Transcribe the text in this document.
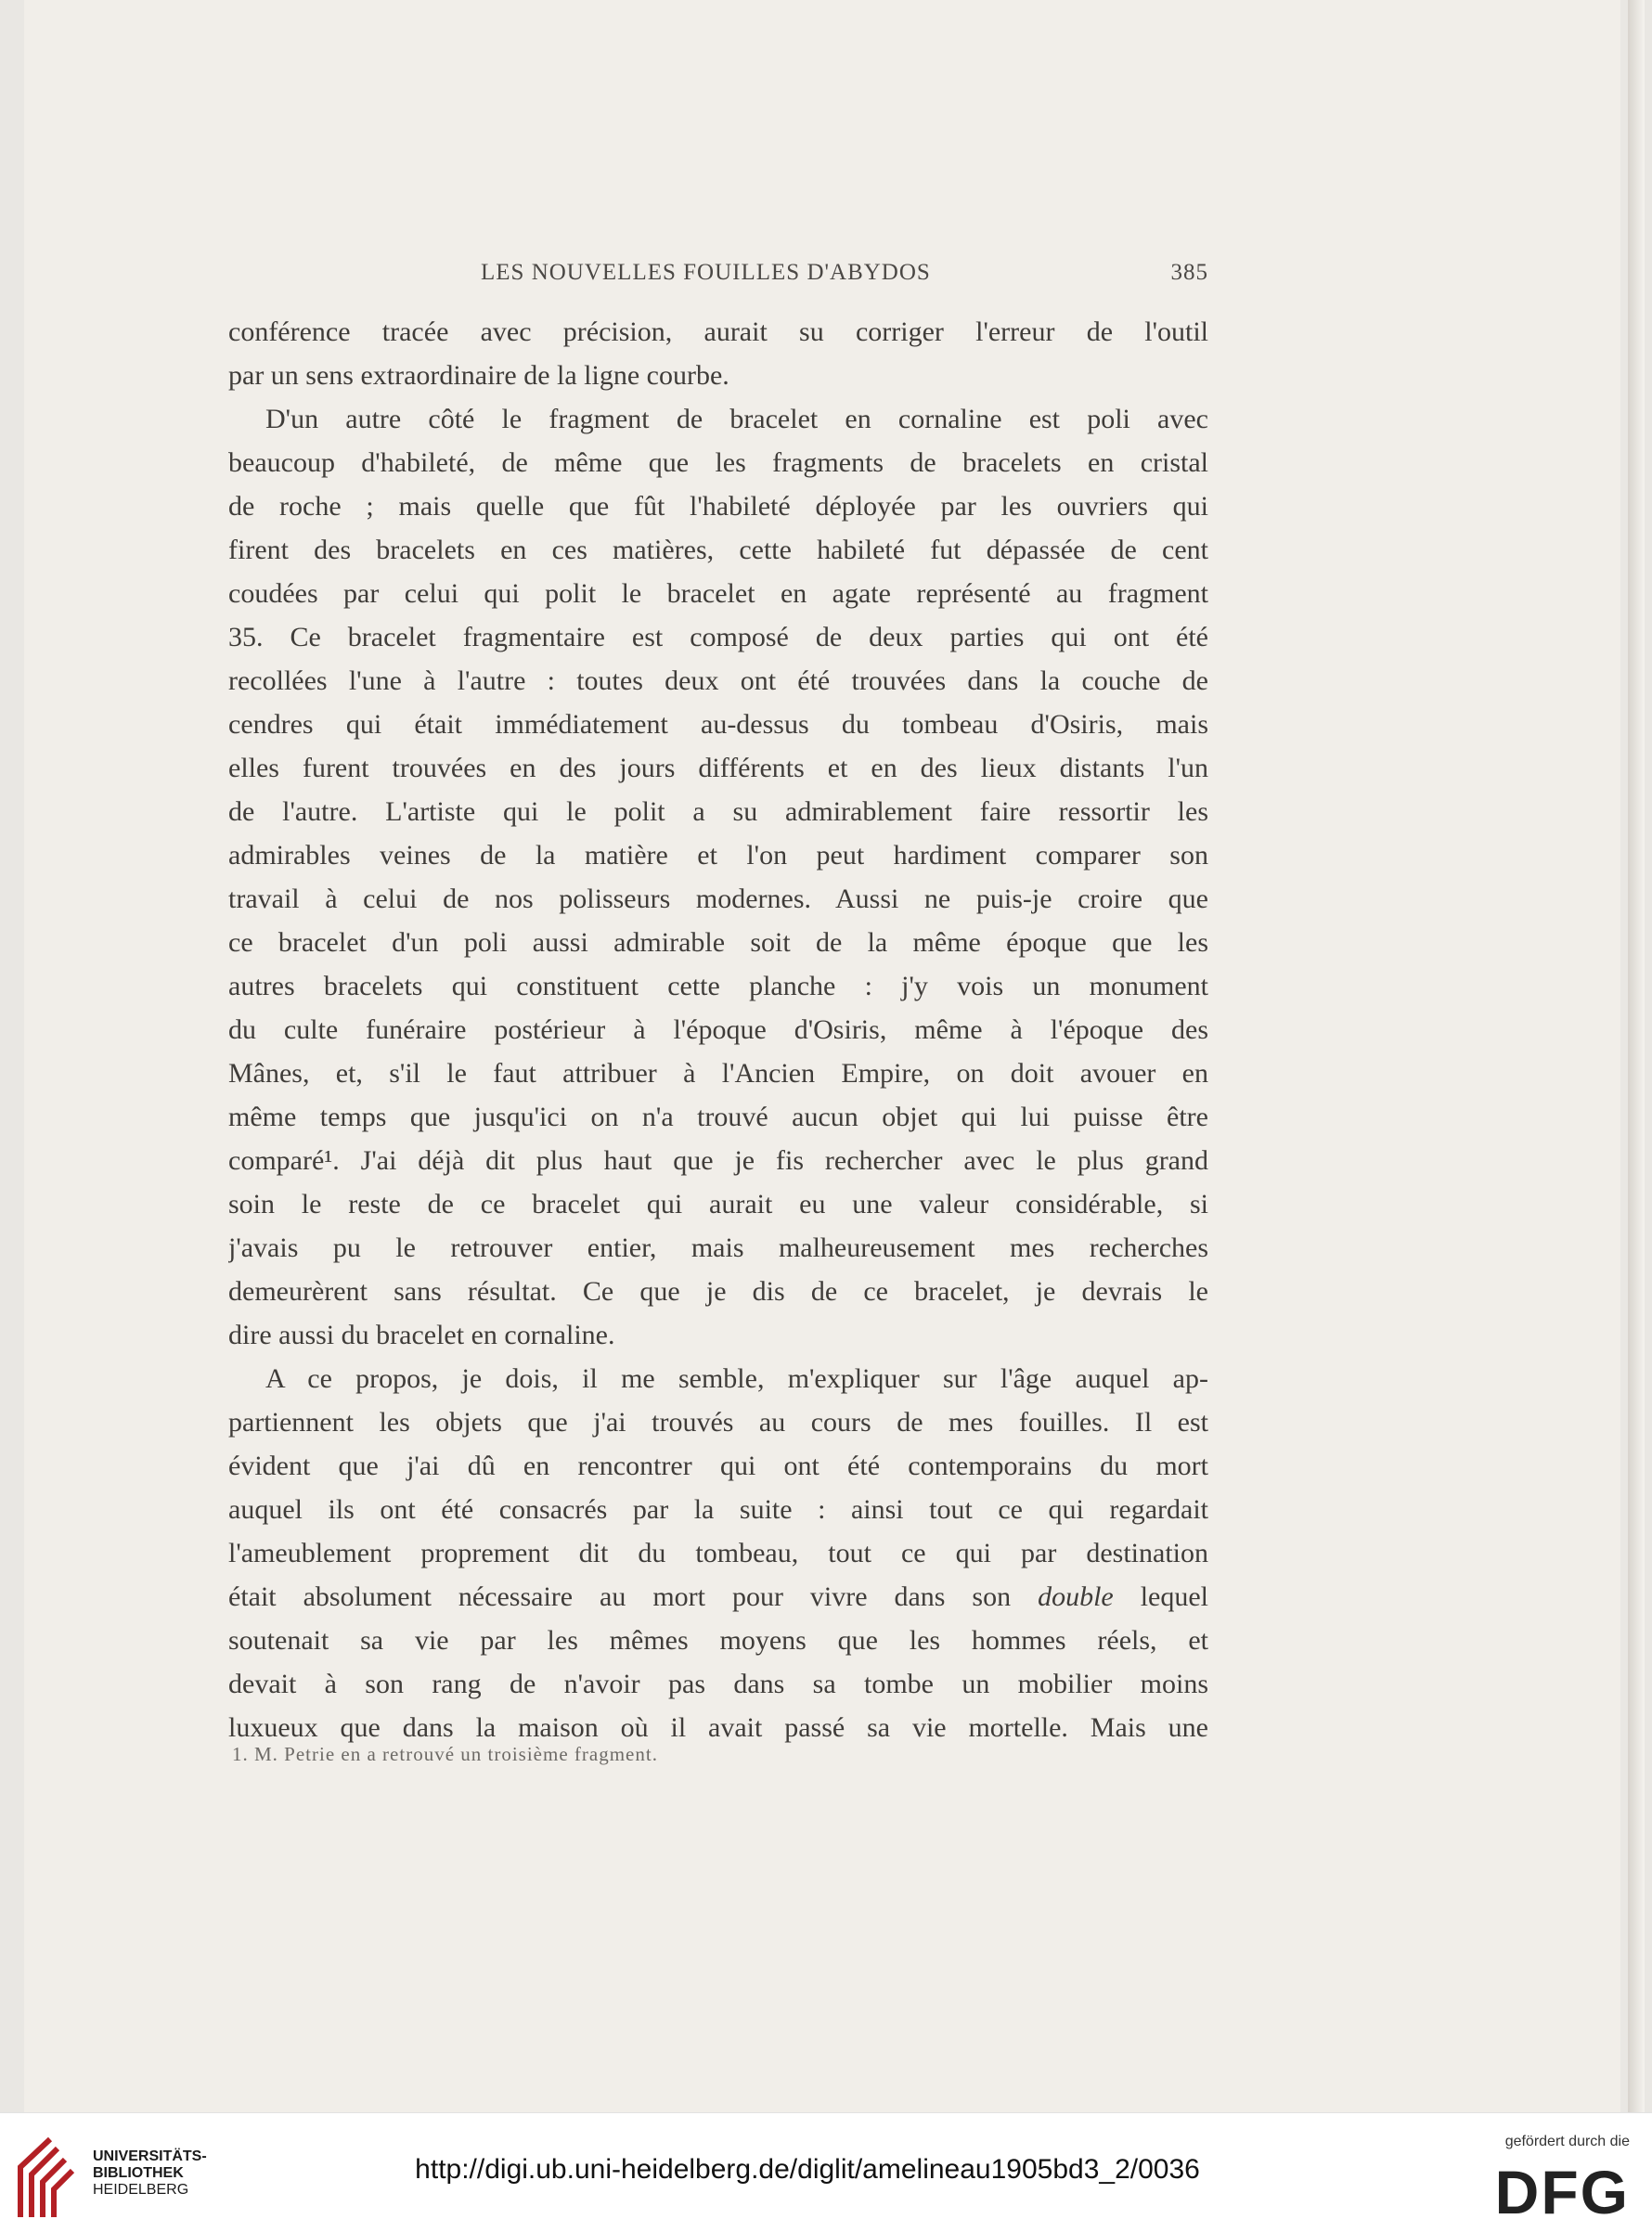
LES NOUVELLES FOUILLES D'ABYDOS	385
conférence tracée avec précision, aurait su corriger l'erreur de l'outil
par un sens extraordinaire de la ligne courbe.
D'un autre côté le fragment de bracelet en cornaline est poli avec
beaucoup d'habileté, de même que les fragments de bracelets en cristal
de roche ; mais quelle que fût l'habileté déployée par les ouvriers qui
firent des bracelets en ces matières, cette habileté fut dépassée de cent
coudées par celui qui polit le bracelet en agate représenté au fragment
35. Ce bracelet fragmentaire est composé de deux parties qui ont été
recollées l'une à l'autre : toutes deux ont été trouvées dans la couche de
cendres qui était immédiatement au-dessus du tombeau d'Osiris, mais
elles furent trouvées en des jours différents et en des lieux distants l'un
de l'autre. L'artiste qui le polit a su admirablement faire ressortir les
admirables veines de la matière et l'on peut hardiment comparer son
travail à celui de nos polisseurs modernes. Aussi ne puis-je croire que
ce bracelet d'un poli aussi admirable soit de la même époque que les
autres bracelets qui constituent cette planche : j'y vois un monument
du culte funéraire postérieur à l'époque d'Osiris, même à l'époque des
Mânes, et, s'il le faut attribuer à l'Ancien Empire, on doit avouer en
même temps que jusqu'ici on n'a trouvé aucun objet qui lui puisse être
comparé¹. J'ai déjà dit plus haut que je fis rechercher avec le plus grand
soin le reste de ce bracelet qui aurait eu une valeur considérable, si
j'avais pu le retrouver entier, mais malheureusement mes recherches
demeurèrent sans résultat. Ce que je dis de ce bracelet, je devrais le
dire aussi du bracelet en cornaline.
A ce propos, je dois, il me semble, m'expliquer sur l'âge auquel ap-
partiennent les objets que j'ai trouvés au cours de mes fouilles. Il est
évident que j'ai dû en rencontrer qui ont été contemporains du mort
auquel ils ont été consacrés par la suite : ainsi tout ce qui regardait
l'ameublement proprement dit du tombeau, tout ce qui par destination
était absolument nécessaire au mort pour vivre dans son double lequel
soutenait sa vie par les mêmes moyens que les hommes réels, et
devait à son rang de n'avoir pas dans sa tombe un mobilier moins
luxueux que dans la maison où il avait passé sa vie mortelle. Mais une
1. M. Petrie en a retrouvé un troisième fragment.
UNIVERSITÄTS-
BIBLIOTHEK
HEIDELBERG
http://digi.ub.uni-heidelberg.de/diglit/amelineau1905bd3_2/0036
gefördert durch die
DFG
